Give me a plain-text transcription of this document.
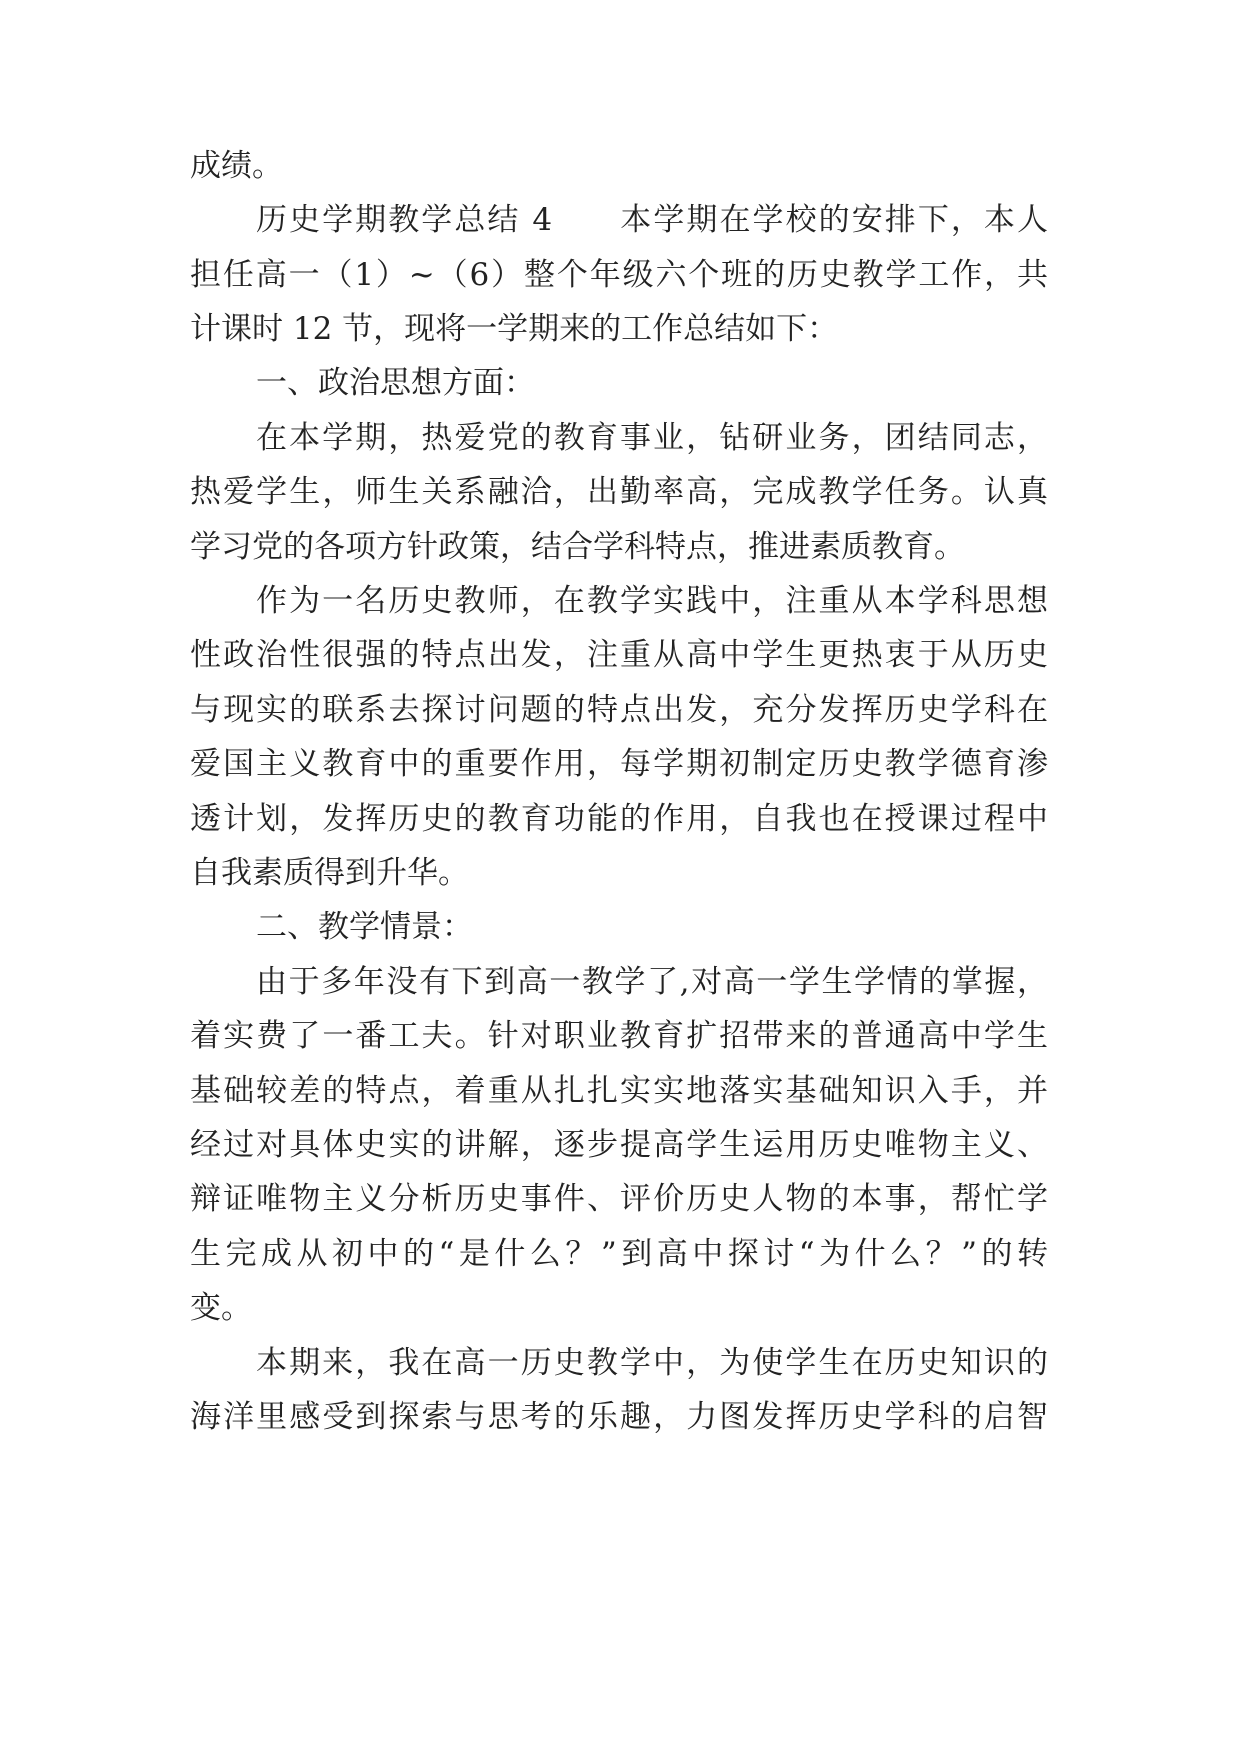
成绩。
历史学期教学总结 4　　本学期在学校的安排下，本人
担任高一（1）~（6）整个年级六个班的历史教学工作，共
计课时 12 节，现将一学期来的工作总结如下：
一、政治思想方面：
在本学期，热爱党的教育事业，钻研业务，团结同志，
热爱学生，师生关系融洽，出勤率高，完成教学任务。认真
学习党的各项方针政策，结合学科特点，推进素质教育。
作为一名历史教师，在教学实践中，注重从本学科思想
性政治性很强的特点出发，注重从高中学生更热衷于从历史
与现实的联系去探讨问题的特点出发，充分发挥历史学科在
爱国主义教育中的重要作用，每学期初制定历史教学德育渗
透计划，发挥历史的教育功能的作用，自我也在授课过程中
自我素质得到升华。
二、教学情景：
由于多年没有下到高一教学了,对高一学生学情的掌握，
着实费了一番工夫。针对职业教育扩招带来的普通高中学生
基础较差的特点，着重从扎扎实实地落实基础知识入手，并
经过对具体史实的讲解，逐步提高学生运用历史唯物主义、
辩证唯物主义分析历史事件、评价历史人物的本事，帮忙学
生完成从初中的“是什么？”到高中探讨“为什么？”的转
变。
本期来，我在高一历史教学中，为使学生在历史知识的
海洋里感受到探索与思考的乐趣，力图发挥历史学科的启智
